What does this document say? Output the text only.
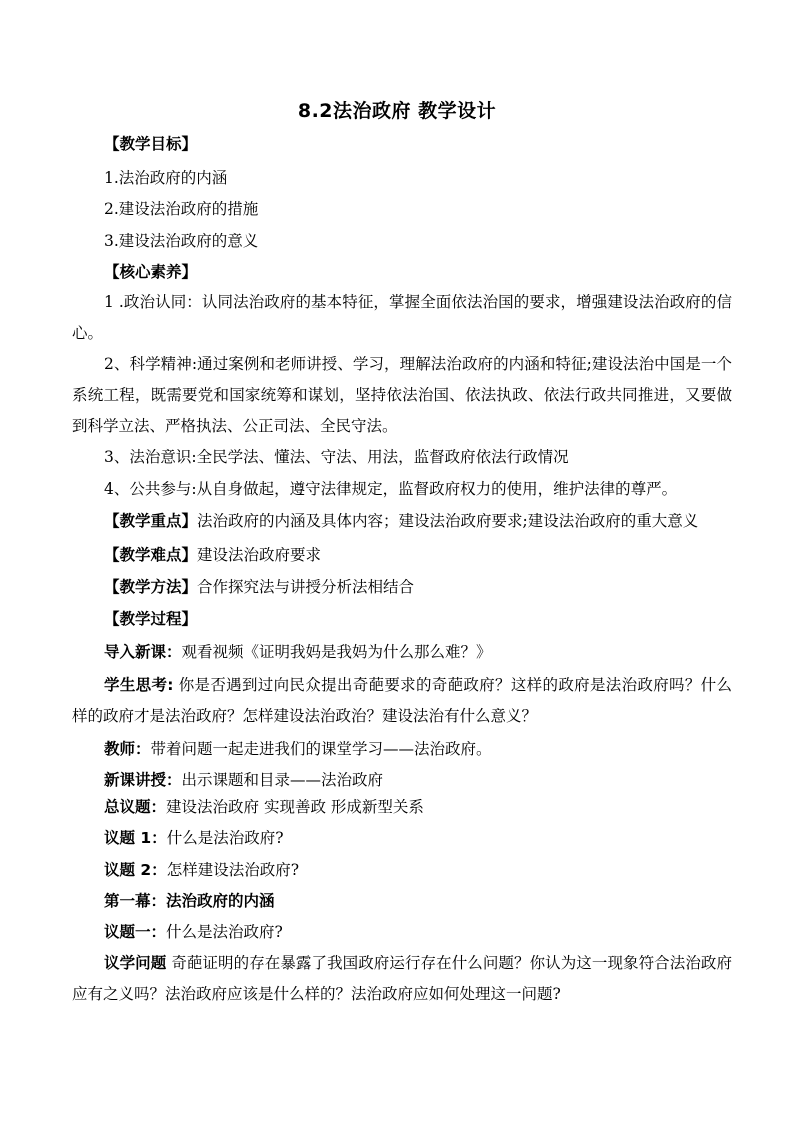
8.2法治政府 教学设计
【教学目标】
1.法治政府的内涵
2.建设法治政府的措施
3.建设法治政府的意义
【核心素养】
1 .政治认同：认同法治政府的基本特征，掌握全面依法治国的要求，增强建设法治政府的信心。
2、科学精神:通过案例和老师讲授、学习，理解法治政府的内涵和特征;建设法治中国是一个系统工程，既需要党和国家统筹和谋划，坚持依法治国、依法执政、依法行政共同推进，又要做到科学立法、严格执法、公正司法、全民守法。
3、法治意识:全民学法、懂法、守法、用法，监督政府依法行政情况
4、公共参与:从自身做起，遵守法律规定，监督政府权力的使用，维护法律的尊严。
【教学重点】法治政府的内涵及具体内容；建设法治政府要求;建设法治政府的重大意义
【教学难点】建设法治政府要求
【教学方法】合作探究法与讲授分析法相结合
【教学过程】
导入新课：观看视频《证明我妈是我妈为什么那么难？》
学生思考: 你是否遇到过向民众提出奇葩要求的奇葩政府？这样的政府是法治政府吗？什么样的政府才是法治政府？怎样建设法治政治？建设法治有什么意义？
教师：带着问题一起走进我们的课堂学习——法治政府。
新课讲授：出示课题和目录——法治政府
总议题：建设法治政府 实现善政 形成新型关系
议题 1：什么是法治政府?
议题 2：怎样建设法治政府?
第一幕：法治政府的内涵
议题一：什么是法治政府?
议学问题 奇葩证明的存在暴露了我国政府运行存在什么问题？你认为这一现象符合法治政府应有之义吗？法治政府应该是什么样的？法治政府应如何处理这一问题?
